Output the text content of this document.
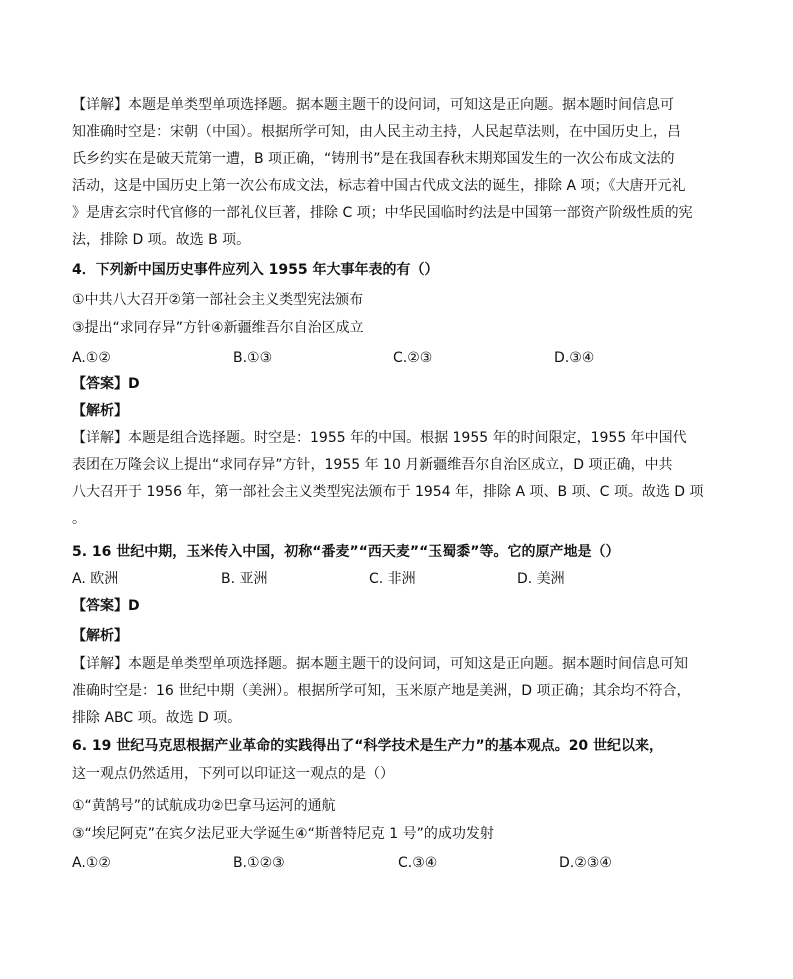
【详解】本题是单类型单项选择题。据本题主题干的设问词，可知这是正向题。据本题时间信息可

知准确时空是：宋朝（中国）。根据所学可知，由人民主动主持，人民起草法则，在中国历史上，吕

氏乡约实在是破天荒第一遭，B 项正确，“铸刑书”是在我国春秋末期郑国发生的一次公布成文法的

活动，这是中国历史上第一次公布成文法，标志着中国古代成文法的诞生，排除 A 项；《大唐开元礼

》是唐玄宗时代官修的一部礼仪巨著，排除 C 项；中华民国临时约法是中国第一部资产阶级性质的宪

法，排除 D 项。故选 B 项。

4．下列新中国历史事件应列入 1955 年大事年表的有（）
①中共八大召开②第一部社会主义类型宪法颁布
③提出“求同存异”方针④新疆维吾尔自治区成立
A.①②	B.①③	C.②③	D.③④
【答案】D
【解析】

【详解】本题是组合选择题。时空是：1955 年的中国。根据 1955 年的时间限定，1955 年中国代

表团在万隆会议上提出“求同存异”方针，1955 年 10 月新疆维吾尔自治区成立，D 项正确，中共

八大召开于 1956 年，第一部社会主义类型宪法颁布于 1954 年，排除 A 项、B 项、C 项。故选 D 项

。

5. 16 世纪中期，玉米传入中国，初称“番麦”“西天麦”“玉蜀黍”等。它的原产地是（）
A. 欧洲	B. 亚洲	C. 非洲	D. 美洲
【答案】D
【解析】

【详解】本题是单类型单项选择题。据本题主题干的设问词，可知这是正向题。据本题时间信息可知

准确时空是：16 世纪中期（美洲）。根据所学可知，玉米原产地是美洲，D 项正确；其余均不符合，

排除 ABC 项。故选 D 项。

6. 19 世纪马克思根据产业革命的实践得出了“科学技术是生产力”的基本观点。20 世纪以来，
这一观点仍然适用，下列可以印证这一观点的是（）
①“黄鹄号”的试航成功②巴拿马运河的通航
③“埃尼阿克”在宾夕法尼亚大学诞生④“斯普特尼克 1 号”的成功发射
A.①②	B.①②③	C.③④	D.②③④
